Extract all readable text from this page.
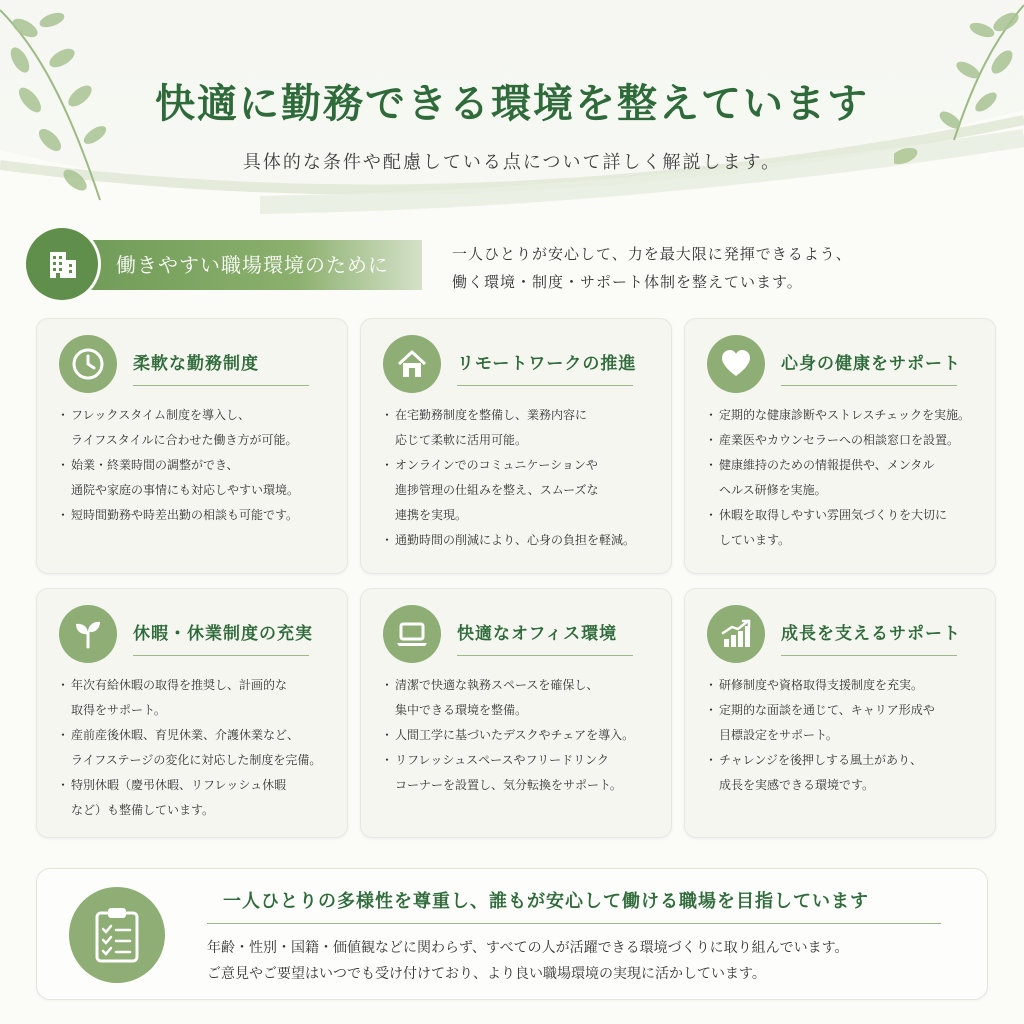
快適に勤務できる環境を整えています
具体的な条件や配慮している点について詳しく解説します。
働きやすい職場環境のために	一人ひとりが安心して、力を最大限に発揮できるよう、
働く環境・制度・サポート体制を整えています。
柔軟な勤務制度
・ フレックスタイム制度を導入し、
ライフスタイルに合わせた働き方が可能。
・ 始業・終業時間の調整ができ、
通院や家庭の事情にも対応しやすい環境。
・ 短時間勤務や時差出勤の相談も可能です。
リモートワークの推進
・ 在宅勤務制度を整備し、業務内容に
応じて柔軟に活用可能。
・ オンラインでのコミュニケーションや
進捗管理の仕組みを整え、スムーズな
連携を実現。
・ 通勤時間の削減により、心身の負担を軽減。
心身の健康をサポート
・ 定期的な健康診断やストレスチェックを実施。
・ 産業医やカウンセラーへの相談窓口を設置。
・ 健康維持のための情報提供や、メンタル
ヘルス研修を実施。
・ 休暇を取得しやすい雰囲気づくりを大切に
しています。
休暇・休業制度の充実
・ 年次有給休暇の取得を推奨し、計画的な
取得をサポート。
・ 産前産後休暇、育児休業、介護休業など、
ライフステージの変化に対応した制度を完備。
・ 特別休暇（慶弔休暇、リフレッシュ休暇
など）も整備しています。
快適なオフィス環境
・ 清潔で快適な執務スペースを確保し、
集中できる環境を整備。
・ 人間工学に基づいたデスクやチェアを導入。
・ リフレッシュスペースやフリードリンク
コーナーを設置し、気分転換をサポート。
成長を支えるサポート
・ 研修制度や資格取得支援制度を充実。
・ 定期的な面談を通じて、キャリア形成や
目標設定をサポート。
・ チャレンジを後押しする風土があり、
成長を実感できる環境です。
一人ひとりの多様性を尊重し、誰もが安心して働ける職場を目指しています
年齢・性別・国籍・価値観などに関わらず、すべての人が活躍できる環境づくりに取り組んでいます。
ご意見やご要望はいつでも受け付けており、より良い職場環境の実現に活かしています。
